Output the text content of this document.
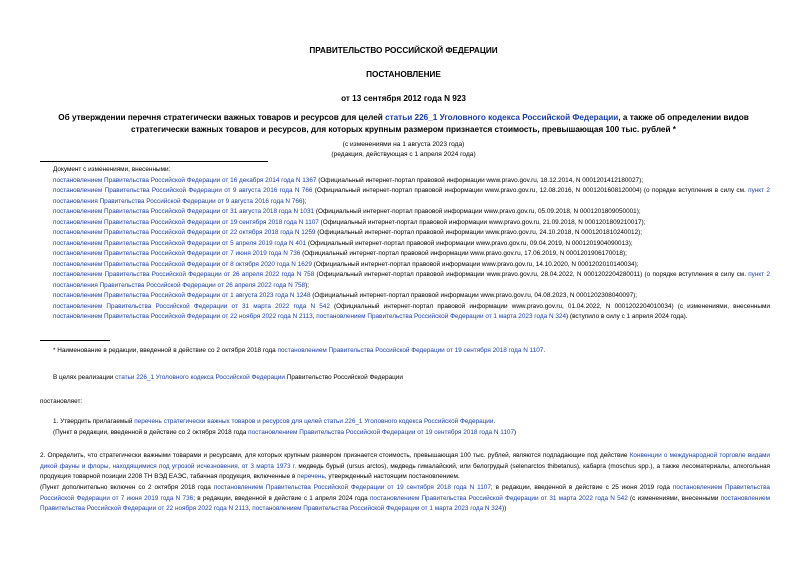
ПРАВИТЕЛЬСТВО РОССИЙСКОЙ ФЕДЕРАЦИИ
ПОСТАНОВЛЕНИЕ
от 13 сентября 2012 года N 923
Об утверждении перечня стратегически важных товаров и ресурсов для целей статьи 226_1 Уголовного кодекса Российской Федерации, а также об определении видов стратегически важных товаров и ресурсов, для которых крупным размером признается стоимость, превышающая 100 тыс. рублей *
(с изменениями на 1 августа 2023 года)
(редакция, действующая с 1 апреля 2024 года)
Документ с изменениями, внесенными:
постановлением Правительства Российской Федерации от 16 декабря 2014 года N 1367 (Официальный интернет-портал правовой информации www.pravo.gov.ru, 18.12.2014, N 0001201412180027);
постановлением Правительства Российской Федерации от 9 августа 2016 года N 766 (Официальный интернет-портал правовой информации www.pravo.gov.ru, 12.08.2016, N 0001201608120004) (о порядке вступления в силу см. пункт 2 постановления Правительства Российской Федерации от 9 августа 2016 года N 766);
постановлением Правительства Российской Федерации от 31 августа 2018 года N 1031 (Официальный интернет-портал правовой информации www.pravo.gov.ru, 05.09.2018, N 0001201809050001);
постановлением Правительства Российской Федерации от 19 сентября 2018 года N 1107 (Официальный интернет-портал правовой информации www.pravo.gov.ru, 21.09.2018, N 0001201809210017);
постановлением Правительства Российской Федерации от 22 октября 2018 года N 1259 (Официальный интернет-портал правовой информации www.pravo.gov.ru, 24.10.2018, N 0001201810240012);
постановлением Правительства Российской Федерации от 5 апреля 2019 года N 401 (Официальный интернет-портал правовой информации www.pravo.gov.ru, 09.04.2019, N 0001201904090013);
постановлением Правительства Российской Федерации от 7 июня 2019 года N 736 (Официальный интернет-портал правовой информации www.pravo.gov.ru, 17.06.2019, N 0001201906170018);
постановлением Правительства Российской Федерации от 8 октября 2020 года N 1629 (Официальный интернет-портал правовой информации www.pravo.gov.ru, 14.10.2020, N 0001202010140034);
постановлением Правительства Российской Федерации от 26 апреля 2022 года N 758 (Официальный интернет-портал правовой информации www.pravo.gov.ru, 28.04.2022, N 0001202204280011) (о порядке вступления в силу см. пункт 2 постановления Правительства Российской Федерации от 26 апреля 2022 года N 758);
постановлением Правительства Российской Федерации от 1 августа 2023 года N 1248 (Официальный интернет-портал правовой информации www.pravo.gov.ru, 04.08.2023, N 0001202308040097);
постановлением Правительства Российской Федерации от 31 марта 2022 года N 542 (Официальный интернет-портал правовой информации www.pravo.gov.ru, 01.04.2022, N 0001202204010034) (с изменениями, внесенными постановлением Правительства Российской Федерации от 22 ноября 2022 года N 2113, постановлением Правительства Российской Федерации от 1 марта 2023 года N 324) (вступило в силу с 1 апреля 2024 года).
* Наименование в редакции, введенной в действие со 2 октября 2018 года постановлением Правительства Российской Федерации от 19 сентября 2018 года N 1107.
В целях реализации статьи 226_1 Уголовного кодекса Российской Федерации Правительство Российской Федерации
постановляет:
1. Утвердить прилагаемый перечень стратегически важных товаров и ресурсов для целей статьи 226_1 Уголовного кодекса Российской Федерации.
(Пункт в редакции, введенной в действие со 2 октября 2018 года постановлением Правительства Российской Федерации от 19 сентября 2018 года N 1107)
2. Определить, что стратегически важными товарами и ресурсами, для которых крупным размером признается стоимость, превышающая 100 тыс. рублей, являются подпадающие под действие Конвенции о международной торговле видами дикой фауны и флоры, находящимися под угрозой исчезновения, от 3 марта 1973 г. медведь бурый (ursus arctos), медведь гималайский, или белогрудый (selenarctos thibetanus), кабарга (moschus spp.), а также лесоматериалы, алкогольная продукция товарной позиции 2208 ТН ВЭД ЕАЭС, табачная продукция, включенные в перечень, утвержденный настоящим постановлением.
(Пункт дополнительно включен со 2 октября 2018 года постановлением Правительства Российской Федерации от 19 сентября 2018 года N 1107; в редакции, введенной в действие с 25 июня 2019 года постановлением Правительства Российской Федерации от 7 июня 2019 года N 736; в редакции, введенной в действие с 1 апреля 2024 года постановлением Правительства Российской Федерации от 31 марта 2022 года N 542 (с изменениями, внесенными постановлением Правительства Российской Федерации от 22 ноября 2022 года N 2113, постановлением Правительства Российской Федерации от 1 марта 2023 года N 324))
